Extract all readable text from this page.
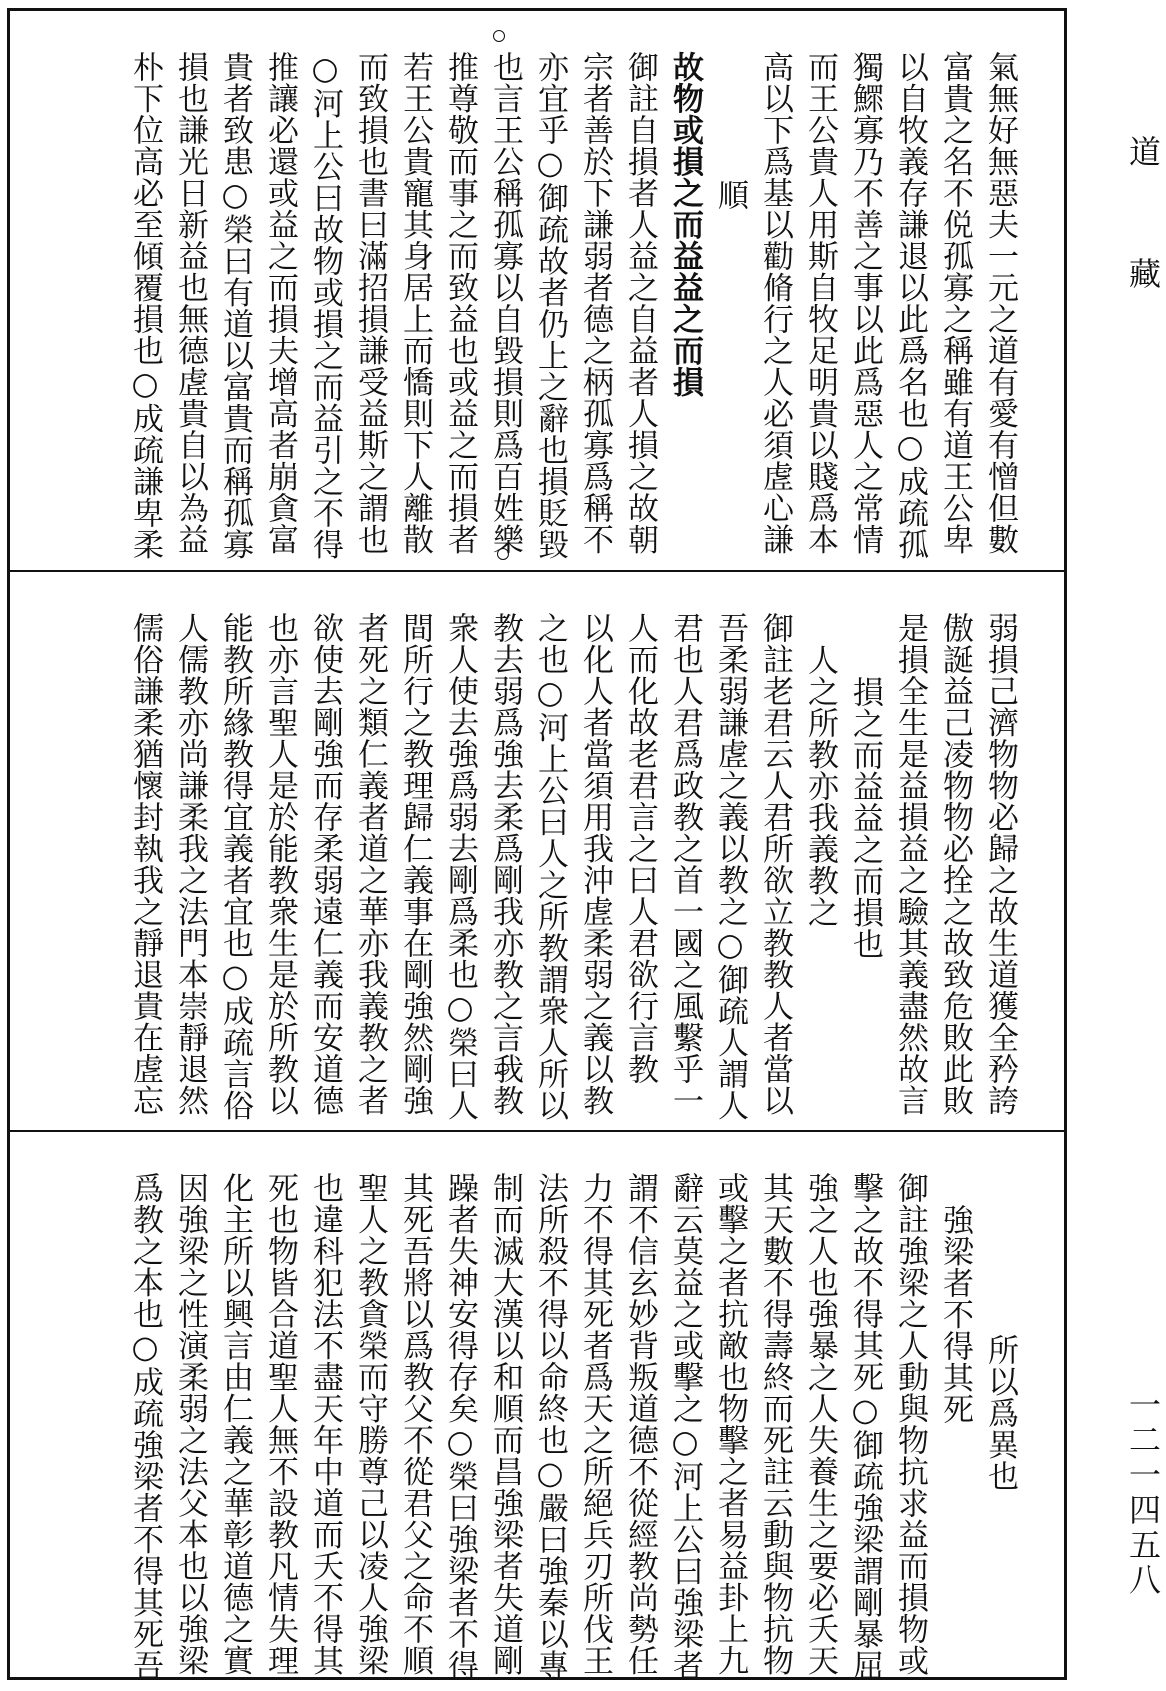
氣無好無惡夫一元之道有愛有憎但數
富貴之名不侻孤寡之稱雖有道王公卑
以自牧義存謙退以此爲名也○成疏孤
獨鰥寡乃不善之事以此爲惡人之常情
而王公貴人用斯自牧足明貴以賤爲本
高以下爲基以勸脩行之人必須虗心謙
順
故物或損之而益益之而損
御註自損者人益之自益者人損之故朝
宗者善於下謙弱者德之柄孤寡爲稱不
亦宜乎○御疏故者仍上之辭也損貶毀
也言王公稱孤寡以自毀損則爲百姓樂
推尊敬而事之而致益也或益之而損者
若王公貴寵其身居上而憍則下人離散
而致損也書曰滿招損謙受益斯之謂也
○河上公曰故物或損之而益引之不得
推讓必還或益之而損夫增高者崩貪富
貴者致患○榮曰有道以富貴而稱孤寡
損也謙光日新益也無德虗貴自以為益
朴下位高必至傾覆損也○成疏謙卑柔
弱損己濟物物必歸之故生道獲全矜誇
傲誕益己凌物物必拴之故致危敗此敗
是損全生是益損益之驗其義盡然故言
損之而益益之而損也
人之所教亦我義教之
御註老君云人君所欲立教教人者當以
吾柔弱謙虗之義以教之○御疏人謂人
君也人君爲政教之首一國之風繫乎一
人而化故老君言之曰人君欲行言教
以化人者當須用我沖虗柔弱之義以教
之也○河上公曰人之所教謂衆人所以
教去弱爲強去柔爲剛我亦教之言我教
衆人使去強爲弱去剛爲柔也○榮曰人
間所行之教理歸仁義事在剛強然剛強
者死之類仁義者道之華亦我義教之者
欲使去剛強而存柔弱遠仁義而安道德
也亦言聖人是於能教衆生是於所教以
能教所緣教得宜義者宜也○成疏言俗
人儒教亦尚謙柔我之法門本崇靜退然
儒俗謙柔猶懷封執我之靜退貴在虗忘
所以爲異也
強梁者不得其死
御註強梁之人動與物抗求益而損物或
擊之故不得其死○御疏強梁謂剛暴屈
強之人也強暴之人失養生之要必夭天
其天數不得壽終而死註云動與物抗物
或擊之者抗敵也物擊之者易益卦上九
辭云莫益之或擊之○河上公曰強梁者
謂不信玄妙背叛道德不從經教尚勢任
力不得其死者爲天之所絕兵刃所伐王
法所殺不得以命終也○嚴曰強秦以專
制而滅大漢以和順而昌強梁者失道剛
躁者失神安得存矣○榮曰強梁者不得
其死吾將以爲教父不從君父之命不順
聖人之教貪榮而守勝尊己以凌人強梁
也違科犯法不盡天年中道而夭不得其
死也物皆合道聖人無不設教凡情失理
化主所以興言由仁義之華彰道德之實
因強梁之性演柔弱之法父本也以強梁
爲教之本也○成疏強梁者不得其死吾
道藏
一二一四五八
